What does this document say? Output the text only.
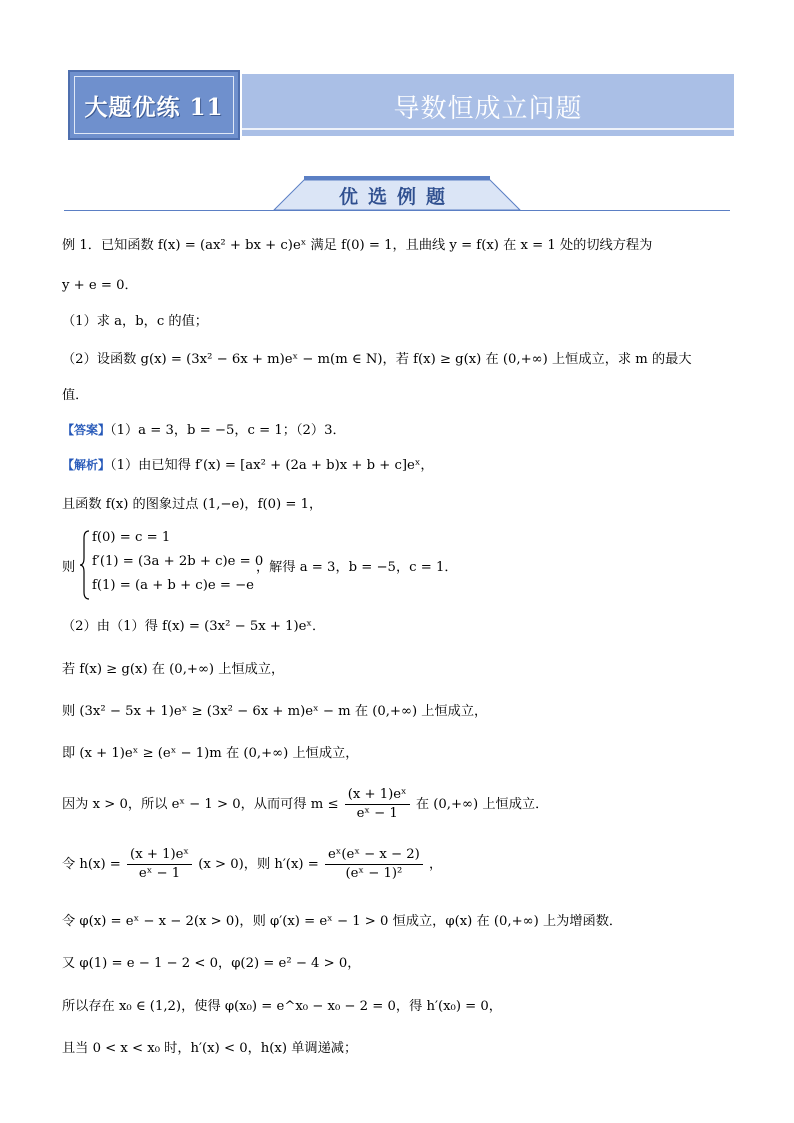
导数恒成立问题
大题优练 11
优选例题
例 1．已知函数 f(x) = (ax² + bx + c)eˣ 满足 f(0) = 1，且曲线 y = f(x) 在 x = 1 处的切线方程为
y + e = 0．
（1）求 a，b，c 的值；
（2）设函数 g(x) = (3x² − 6x + m)eˣ − m(m ∈ N)，若 f(x) ≥ g(x) 在 (0,+∞) 上恒成立，求 m 的最大
值．
【答案】（1）a = 3，b = −5，c = 1；（2）3．
【解析】（1）由已知得 f′(x) = [ax² + (2a + b)x + b + c]eˣ，
且函数 f(x) 的图象过点 (1,−e)，f(0) = 1，
则
f(0) = c = 1
f′(1) = (3a + 2b + c)e = 0
f(1) = (a + b + c)e = −e
，解得 a = 3，b = −5，c = 1．
（2）由（1）得 f(x) = (3x² − 5x + 1)eˣ．
若 f(x) ≥ g(x) 在 (0,+∞) 上恒成立，
则 (3x² − 5x + 1)eˣ ≥ (3x² − 6x + m)eˣ − m 在 (0,+∞) 上恒成立，
即 (x + 1)eˣ ≥ (eˣ − 1)m 在 (0,+∞) 上恒成立，
因为 x > 0，所以 eˣ − 1 > 0，从而可得 $m \le \frac{\text{(x + 1)eˣ}}{\text{eˣ − 1}}$ 在 (0,+∞) 上恒成立．
令 $h(x) = \frac{\text{(x + 1)eˣ}}{\text{eˣ − 1}} (x > 0)$，则 $h'(x) = \frac{\text{eˣ(eˣ − x − 2)}}{\text{(eˣ − 1)²}}$ ，
令 φ(x) = eˣ − x − 2(x > 0)，则 φ′(x) = eˣ − 1 > 0 恒成立，φ(x) 在 (0,+∞) 上为增函数．
又 φ(1) = e − 1 − 2 < 0，φ(2) = e² − 4 > 0，
所以存在 x₀ ∈ (1,2)，使得 φ(x₀) = e^x₀ − x₀ − 2 = 0，得 h′(x₀) = 0，
且当 0 < x < x₀ 时，h′(x) < 0，h(x) 单调递减；
